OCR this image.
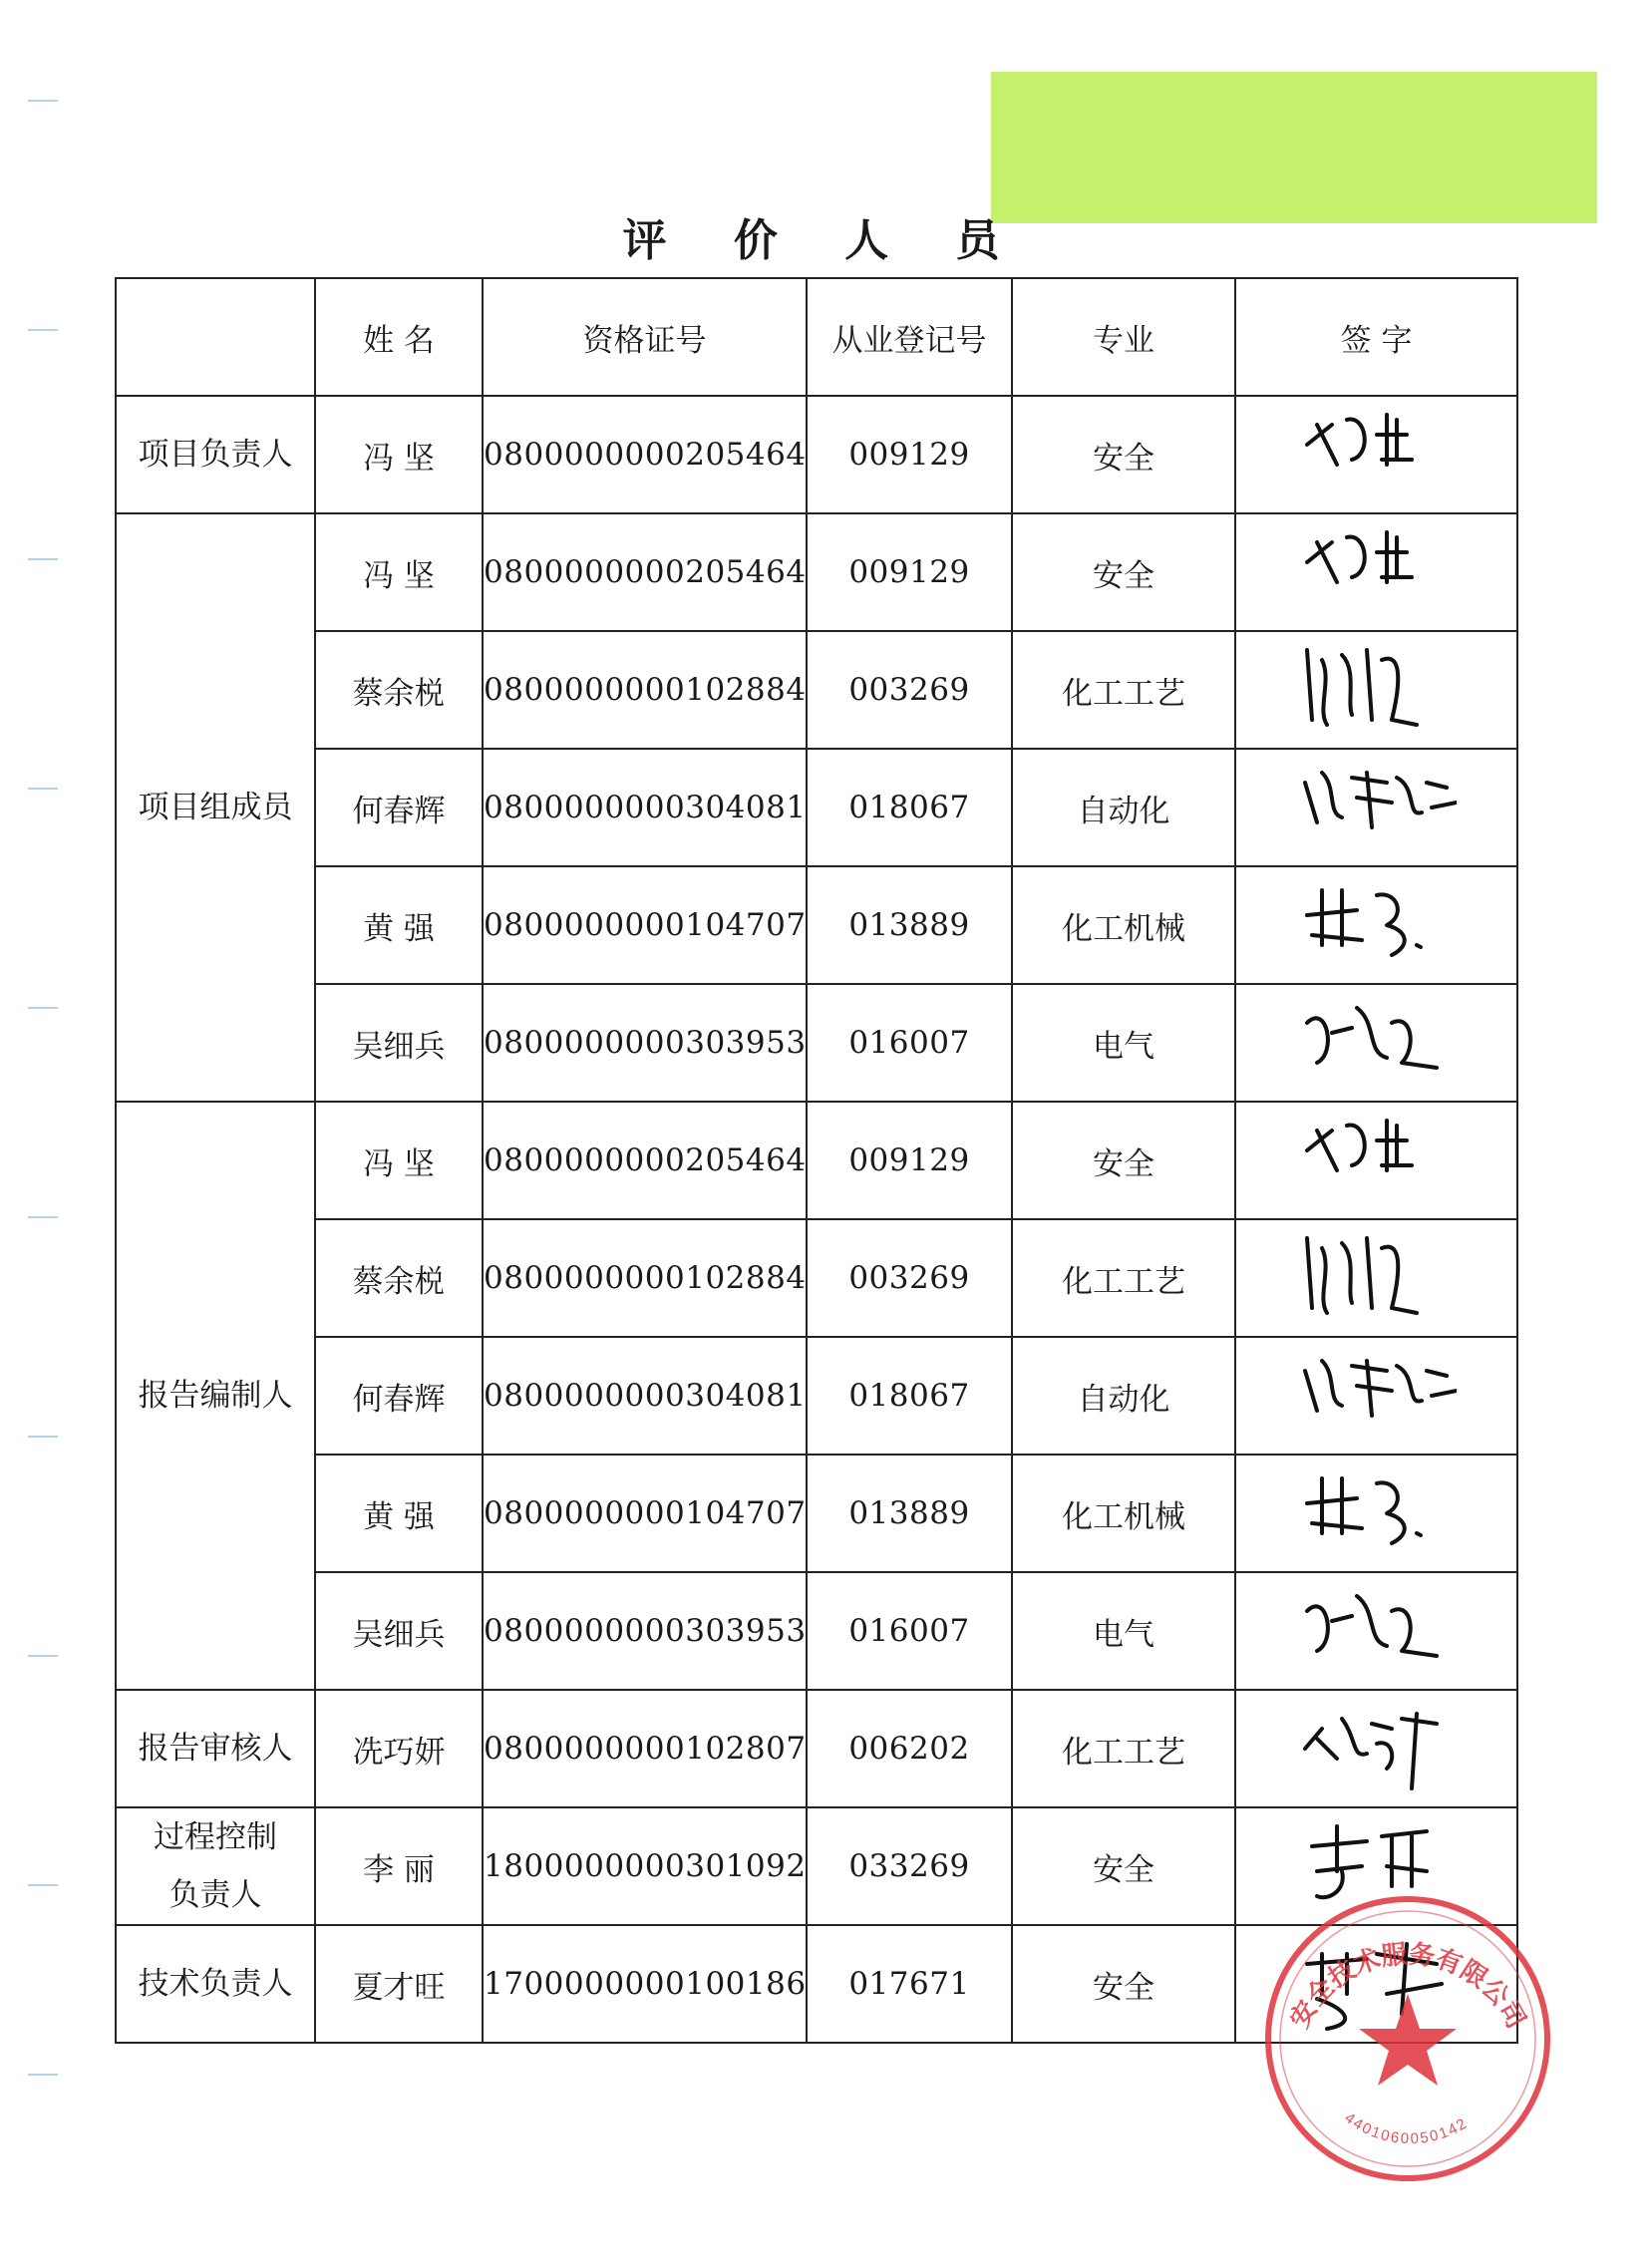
评 价 人 员
	姓 名	资格证号	从业登记号	专业	签 字
项目负责人	冯 坚	0800000000205464	009129	安全	

项目组成员	冯 坚	0800000000205464	009129	安全	

	蔡余棁	0800000000102884	003269	化工工艺	

	何春辉	0800000000304081	018067	自动化	

	黄 强	0800000000104707	013889	化工机械	

	吴细兵	0800000000303953	016007	电气	

报告编制人	冯 坚	0800000000205464	009129	安全	

	蔡余棁	0800000000102884	003269	化工工艺	

	何春辉	0800000000304081	018067	自动化	

	黄 强	0800000000104707	013889	化工机械	

	吴细兵	0800000000303953	016007	电气	

报告审核人	冼巧妍	0800000000102807	006202	化工工艺	

过程控制
负责人	李 丽	1800000000301092	033269	安全	

技术负责人	夏才旺	1700000000100186	017671	安全	
安全技术服务有限公司
4401060050142
